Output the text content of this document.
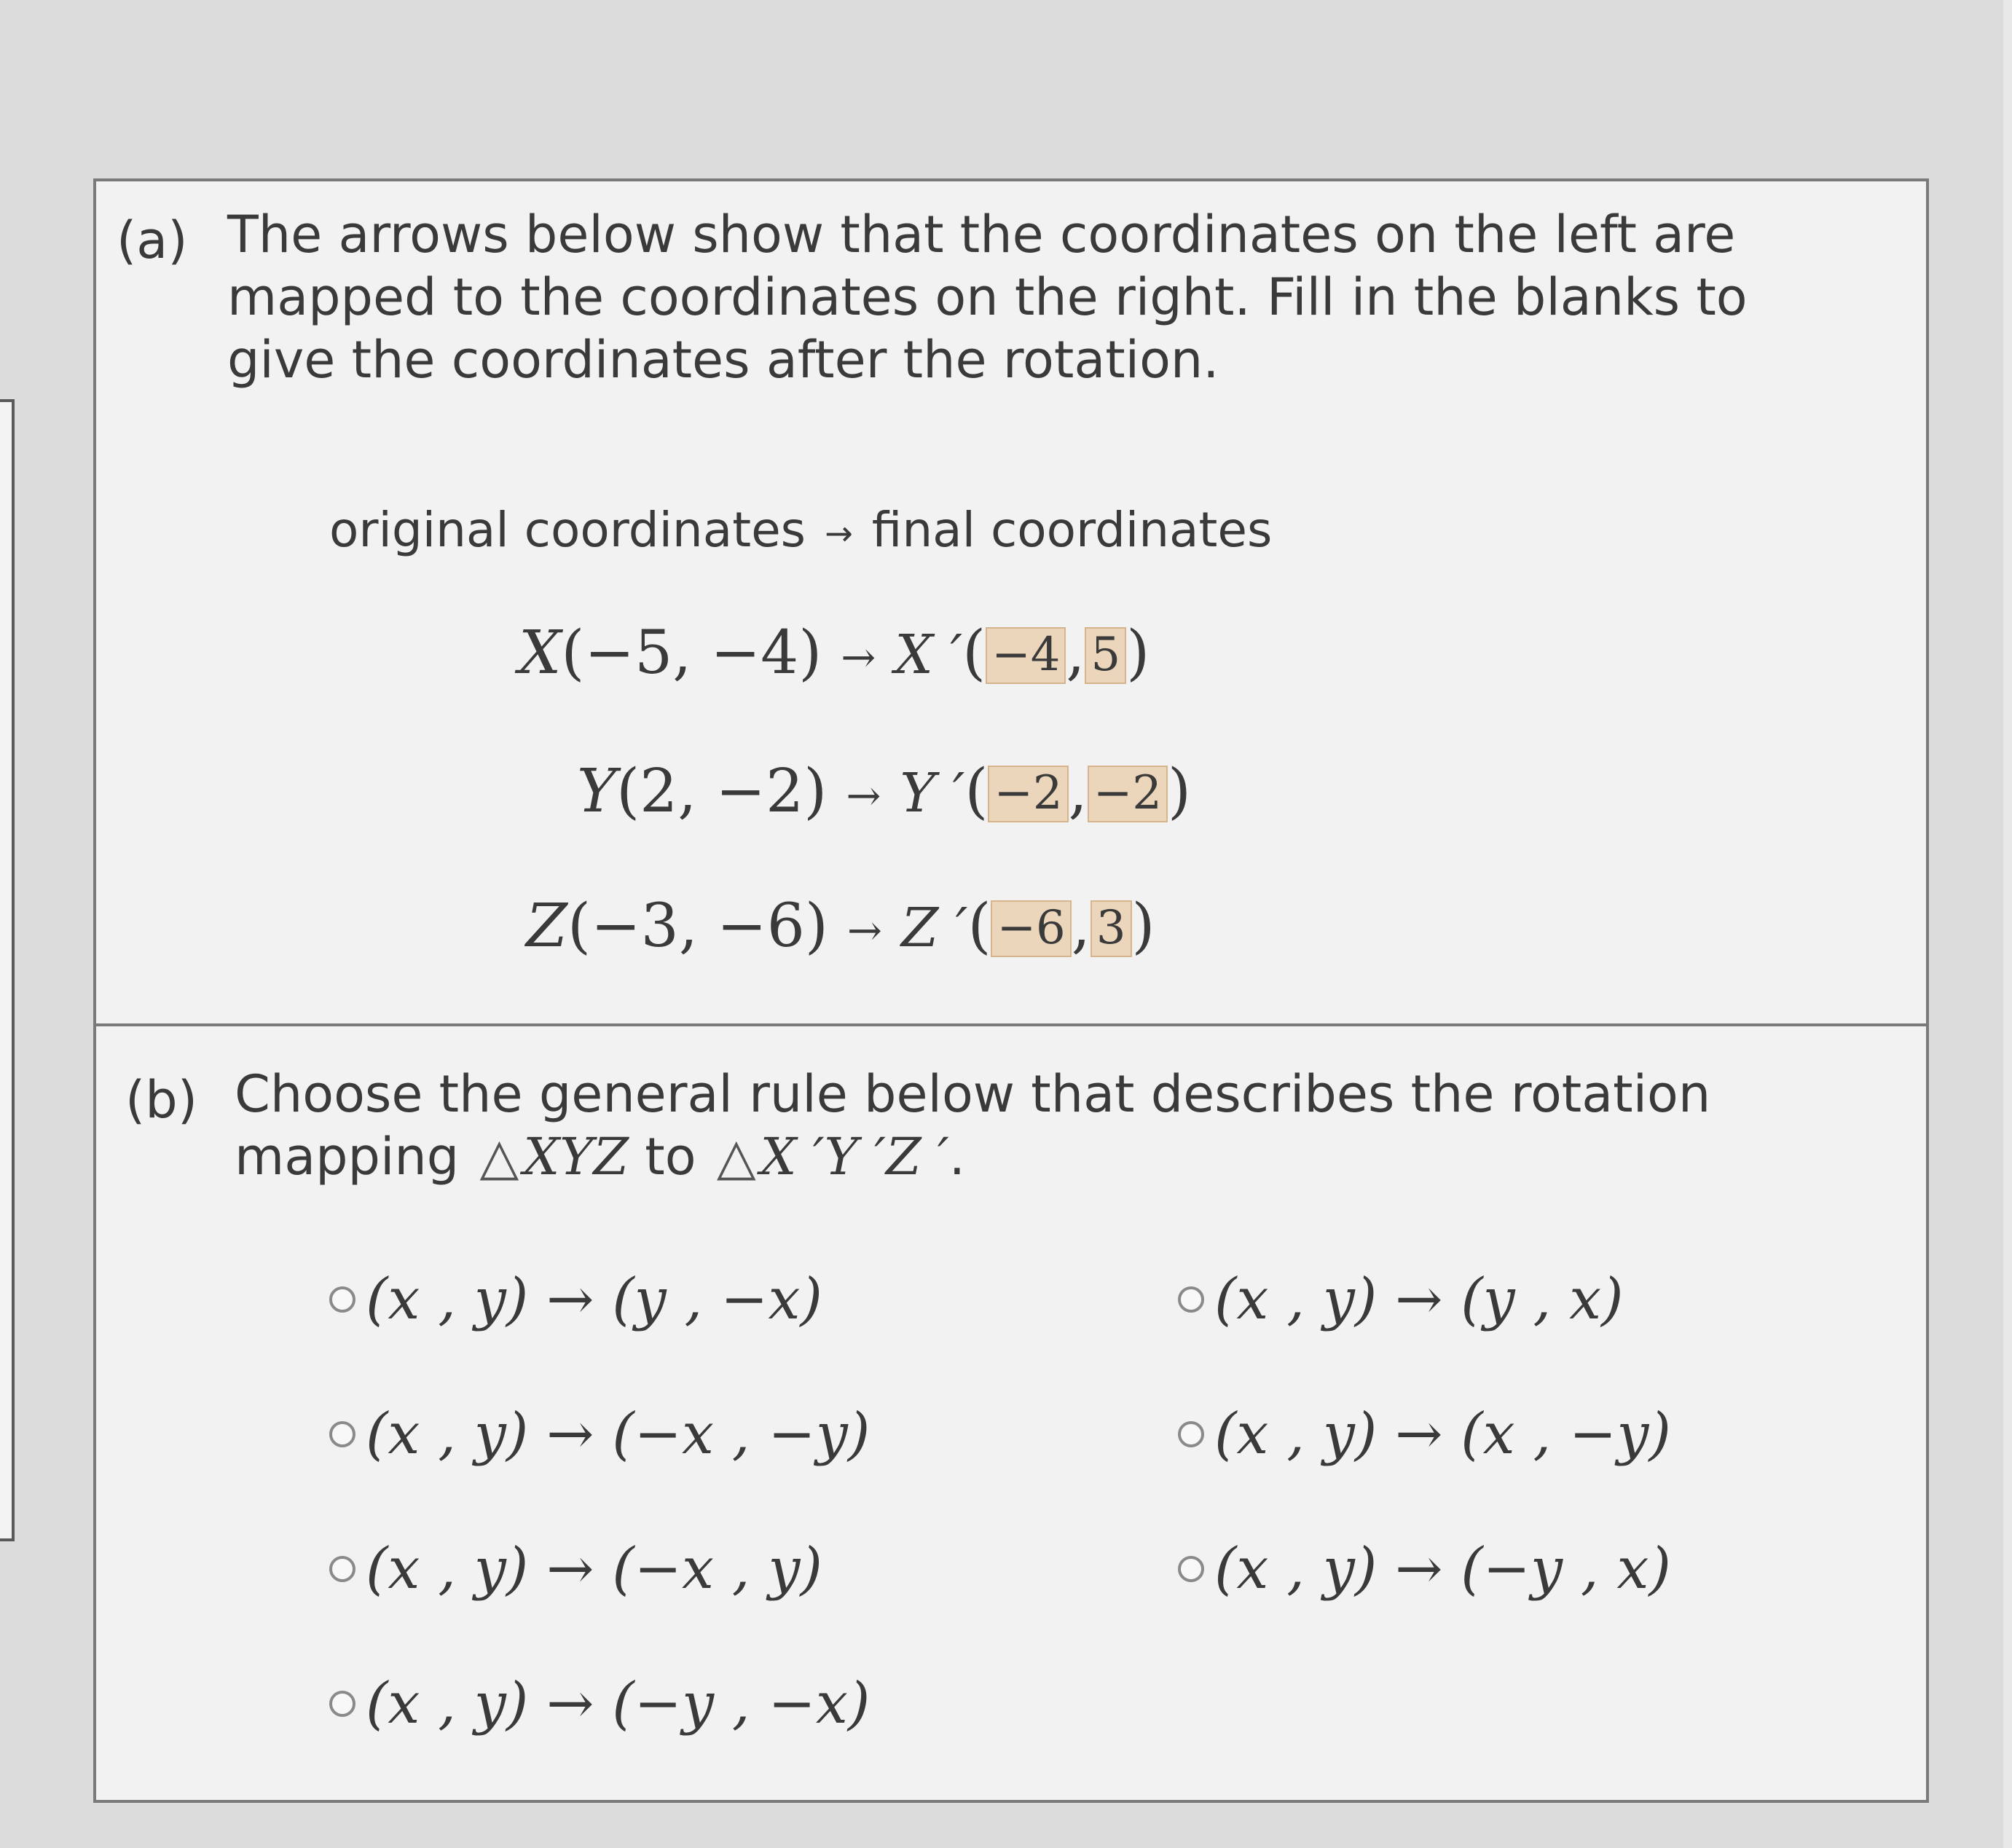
(a) The arrows below show that the coordinates on the left are mapped to the coordinates on the right. Fill in the blanks to give the coordinates after the rotation.
original coordinates → final coordinates
X(−5, −4) → X ′( −4, 5)
Y(2, −2) → Y ′( −2, −2)
Z(−3, −6) → Z ′( −6, 3)
(b) Choose the general rule below that describes the rotation mapping △XYZ to △X ′Y ′Z ′.
(x , y) → (y , −x)	(x , y) → (y , x)
(x , y) → (−x , −y)	(x , y) → (x , −y)
(x , y) → (−x , y)	(x , y) → (−y , x)
(x , y) → (−y , −x)
